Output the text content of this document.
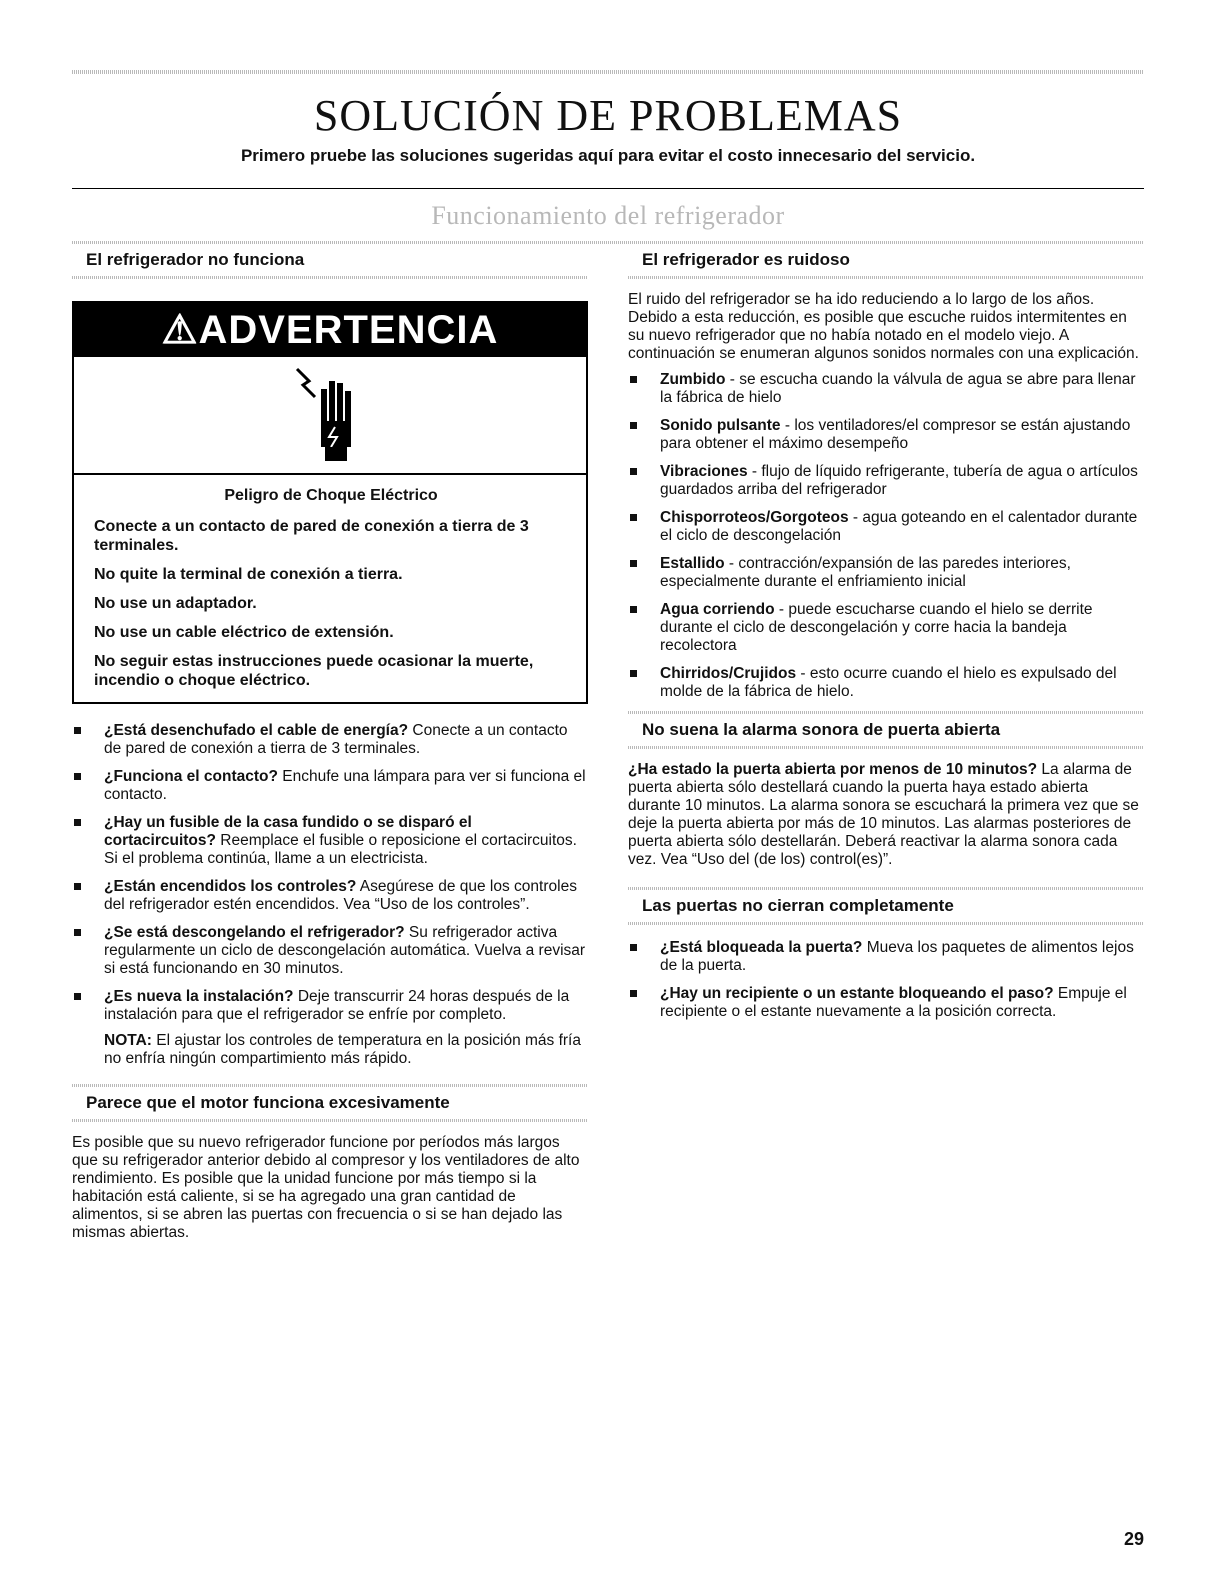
SOLUCIÓN DE PROBLEMAS
Primero pruebe las soluciones sugeridas aquí para evitar el costo innecesario del servicio.
Funcionamiento del refrigerador
El refrigerador no funciona
⚠ADVERTENCIA
Peligro de Choque Eléctrico

Conecte a un contacto de pared de conexión a tierra de 3 terminales.

No quite la terminal de conexión a tierra.

No use un adaptador.

No use un cable eléctrico de extensión.

No seguir estas instrucciones puede ocasionar la muerte, incendio o choque eléctrico.

¿Está desenchufado el cable de energía? Conecte a un contacto de pared de conexión a tierra de 3 terminales.
¿Funciona el contacto? Enchufe una lámpara para ver si funciona el contacto.
¿Hay un fusible de la casa fundido o se disparó el cortacircuitos? Reemplace el fusible o reposicione el cortacircuitos. Si el problema continúa, llame a un electricista.
¿Están encendidos los controles? Asegúrese de que los controles del refrigerador estén encendidos. Vea “Uso de los controles”.
¿Se está descongelando el refrigerador? Su refrigerador activa regularmente un ciclo de descongelación automática. Vuelva a revisar si está funcionando en 30 minutos.
¿Es nueva la instalación? Deje transcurrir 24 horas después de la instalación para que el refrigerador se enfríe por completo.

NOTA: El ajustar los controles de temperatura en la posición más fría no enfría ningún compartimiento más rápido.

Parece que el motor funciona excesivamente

Es posible que su nuevo refrigerador funcione por períodos más largos que su refrigerador anterior debido al compresor y los ventiladores de alto rendimiento. Es posible que la unidad funcione por más tiempo si la habitación está caliente, si se ha agregado una gran cantidad de alimentos, si se abren las puertas con frecuencia o si se han dejado las mismas abiertas.

El refrigerador es ruidoso

El ruido del refrigerador se ha ido reduciendo a lo largo de los años. Debido a esta reducción, es posible que escuche ruidos intermitentes en su nuevo refrigerador que no había notado en el modelo viejo. A continuación se enumeran algunos sonidos normales con una explicación.

Zumbido - se escucha cuando la válvula de agua se abre para llenar la fábrica de hielo
Sonido pulsante - los ventiladores/el compresor se están ajustando para obtener el máximo desempeño
Vibraciones - flujo de líquido refrigerante, tubería de agua o artículos guardados arriba del refrigerador
Chisporroteos/Gorgoteos - agua goteando en el calentador durante el ciclo de descongelación
Estallido - contracción/expansión de las paredes interiores, especialmente durante el enfriamiento inicial
Agua corriendo - puede escucharse cuando el hielo se derrite durante el ciclo de descongelación y corre hacia la bandeja recolectora
Chirridos/Crujidos - esto ocurre cuando el hielo es expulsado del molde de la fábrica de hielo.
No suena la alarma sonora de puerta abierta

¿Ha estado la puerta abierta por menos de 10 minutos? La alarma de puerta abierta sólo destellará cuando la puerta haya estado abierta durante 10 minutos. La alarma sonora se escuchará la primera vez que se deje la puerta abierta por más de 10 minutos. Las alarmas posteriores de puerta abierta sólo destellarán. Deberá reactivar la alarma sonora cada vez. Vea “Uso del (de los) control(es)”.

Las puertas no cierran completamente
¿Está bloqueada la puerta? Mueva los paquetes de alimentos lejos de la puerta.
¿Hay un recipiente o un estante bloqueando el paso? Empuje el recipiente o el estante nuevamente a la posición correcta.
29
